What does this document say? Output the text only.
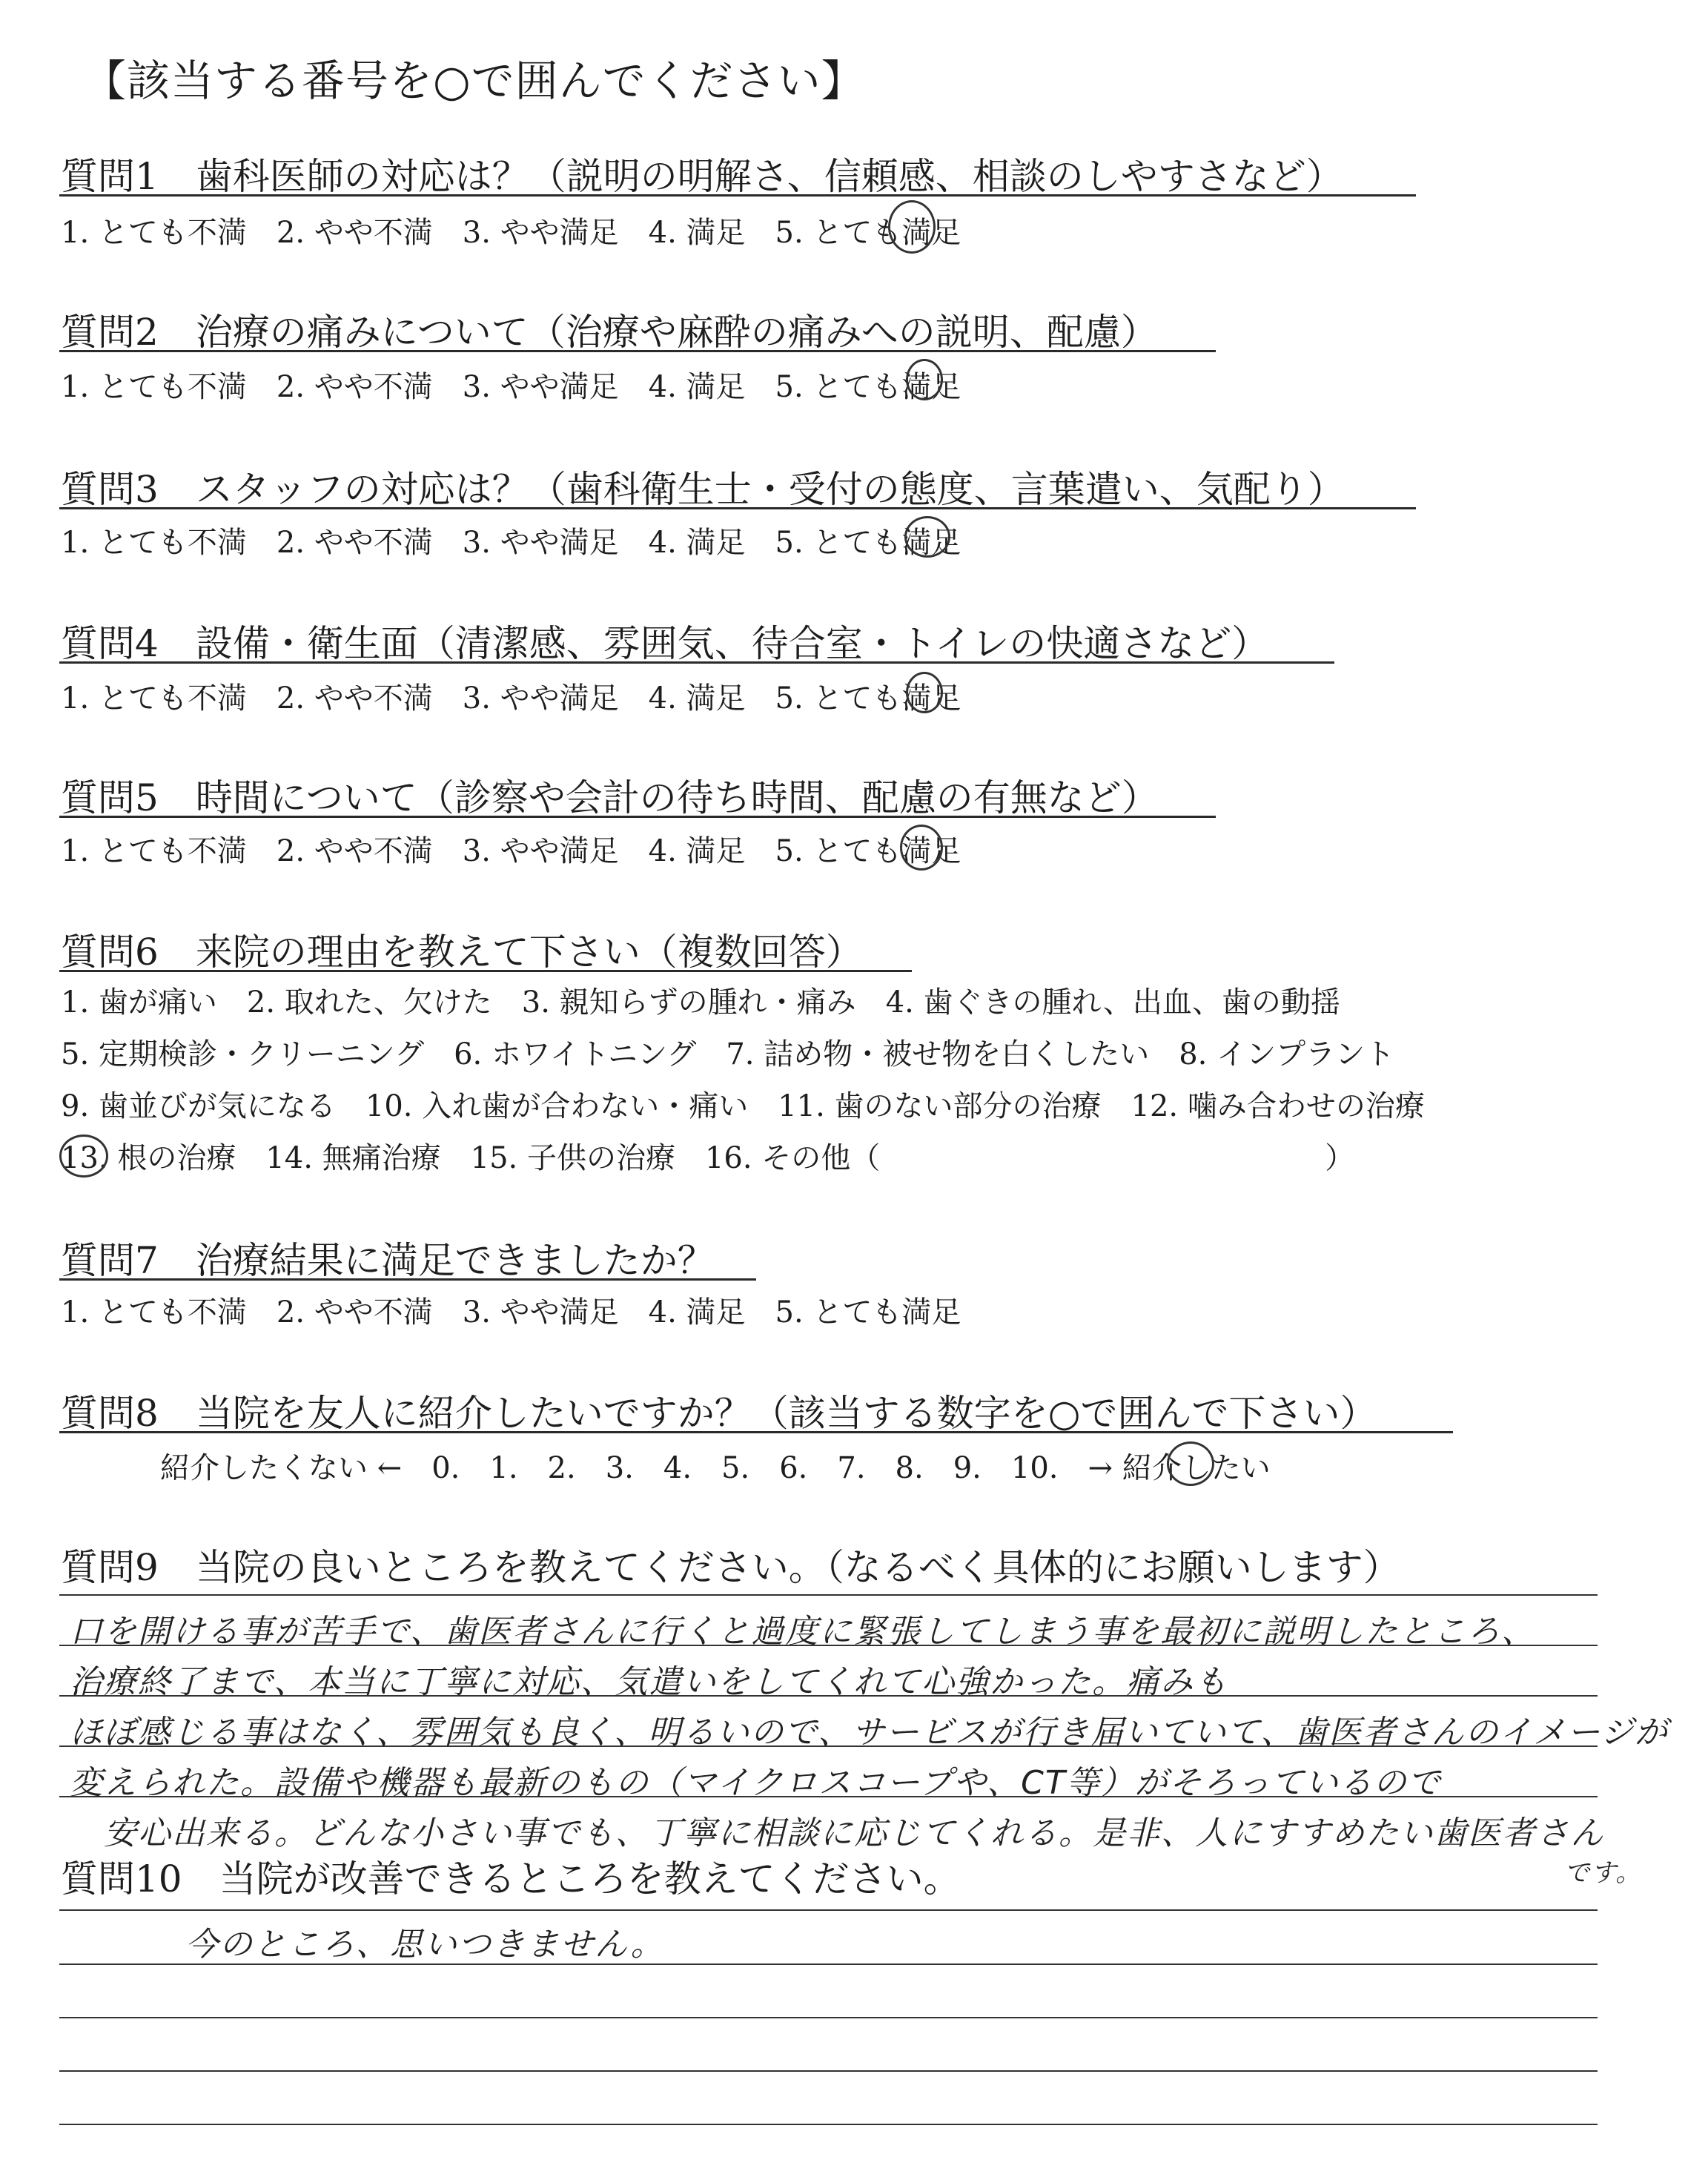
【該当する番号を○で囲んでください】
質問1　 歯科医師の対応は？（説明の明解さ、信頼感、相談のしやすさなど）
1. とても不満　2. やや不満　3. やや満足　4. 満足　5. とても満足
質問2　 治療の痛みについて（治療や麻酔の痛みへの説明、配慮）
1. とても不満　2. やや不満　3. やや満足　4. 満足　5. とても満足
質問3　 スタッフの対応は？（歯科衛生士・受付の態度、言葉遣い、気配り）
1. とても不満　2. やや不満　3. やや満足　4. 満足　5. とても満足
質問4　 設備・衛生面（清潔感、雰囲気、待合室・トイレの快適さなど）
1. とても不満　2. やや不満　3. やや満足　4. 満足　5. とても満足
質問5　 時間について（診察や会計の待ち時間、配慮の有無など）
1. とても不満　2. やや不満　3. やや満足　4. 満足　5. とても満足
質問6　 来院の理由を教えて下さい（複数回答）
1. 歯が痛い　2. 取れた、欠けた　3. 親知らずの腫れ・痛み　4. 歯ぐきの腫れ、出血、歯の動揺
5. 定期検診・クリーニング　6. ホワイトニング　7. 詰め物・被せ物を白くしたい　8. インプラント
9. 歯並びが気になる　10. 入れ歯が合わない・痛い　11. 歯のない部分の治療　12. 噛み合わせの治療
13. 根の治療　14. 無痛治療　15. 子供の治療　16. その他（　　　　　　　　　　　　　　　）
質問7　 治療結果に満足できましたか？
1. とても不満　2. やや不満　3. やや満足　4. 満足　5. とても満足
質問8　 当院を友人に紹介したいですか？（該当する数字を○で囲んで下さい）
紹介したくない ←　 0.　1.　2.　3.　4.　5.　6.　7.　8.　9.　10.　 → 紹介したい
質問9　 当院の良いところを教えてください。（なるべく具体的にお願いします）
口を開ける事が苦手で、歯医者さんに行くと過度に緊張してしまう事を最初に説明したところ、
治療終了まで、本当に丁寧に対応、気遣いをしてくれて心強かった。痛みも
ほぼ感じる事はなく、雰囲気も良く、明るいので、サービスが行き届いていて、歯医者さんのイメージが
変えられた。設備や機器も最新のもの（マイクロスコープや、CT等）がそろっているので
安心出来る。どんな小さい事でも、丁寧に相談に応じてくれる。是非、人にすすめたい歯医者さん
です。
質問10　 当院が改善できるところを教えてください。
今のところ、思いつきません。
